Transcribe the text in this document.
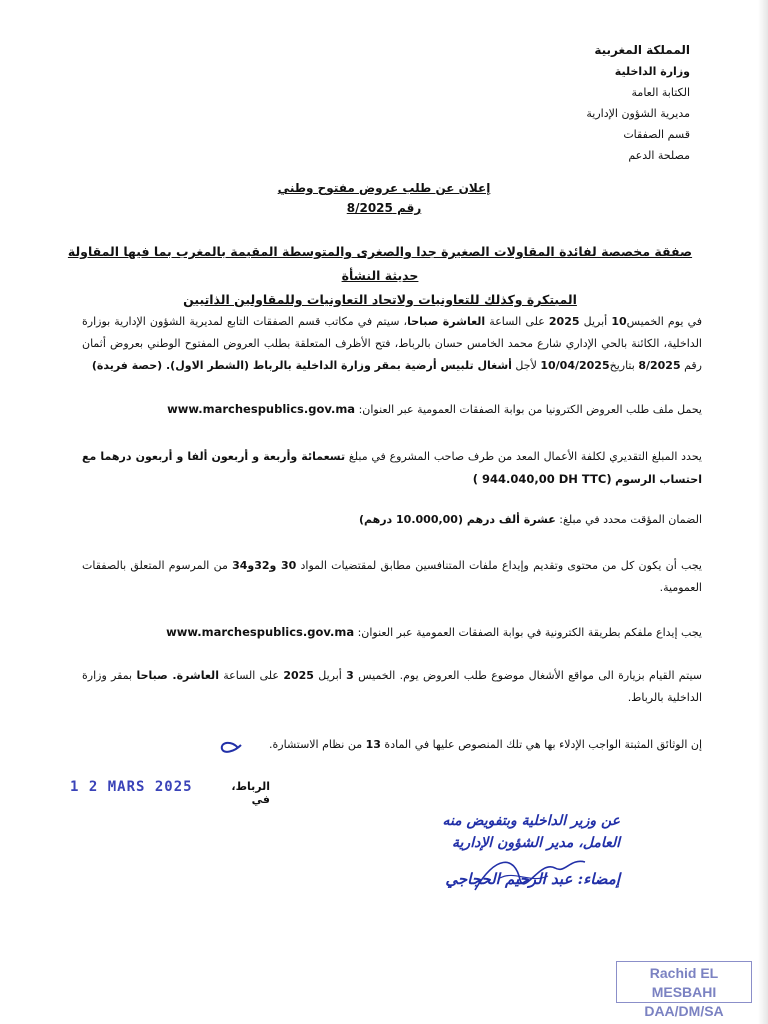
المملكة المغربية
وزارة الداخلية
الكتابة العامة
مديرية الشؤون الإدارية
قسم الصفقات
مصلحة الدعم
إعلان عن طلب عروض مفتوح وطني
رقم 8/2025
صفقة مخصصة لفائدة المقاولات الصغيرة جدا والصغرى والمتوسطة المقيمة بالمغرب بما فيها المقاولة حديثة النشأة
المبتكرة وكذلك للتعاونيات ولاتحاد التعاونيات وللمقاولين الذاتيين
في يوم الخميس10 أبريل 2025 على الساعة العاشرة صباحا، سيتم في مكاتب قسم الصفقات التابع لمديرية الشؤون الإدارية بوزارة الداخلية، الكائنة بالحي الإداري شارع محمد الخامس حسان بالرباط، فتح الأظرف المتعلقة بطلب العروض المفتوح الوطني بعروض أثمان رقم 8/2025 بتاريخ10/04/2025 لأجل أشغال تلبيس أرضية بمقر وزارة الداخلية بالرباط (الشطر الاول). (حصة فريدة)
يحمل ملف طلب العروض الكترونيا من بوابة الصفقات العمومية عبر العنوان: www.marchespublics.gov.ma
يحدد المبلغ التقديري لكلفة الأعمال المعد من طرف صاحب المشروع في مبلغ تسعمائة وأربعة و أربعون ألفا و أربعون درهما مع احتساب الرسوم ( 944.040,00 DH TTC)
الضمان المؤقت محدد في مبلغ: عشرة ألف درهم (10.000,00 درهم)
يجب أن يكون كل من محتوى وتقديم وإيداع ملفات المتنافسين مطابق لمقتضيات المواد 30 و32و34 من المرسوم المتعلق بالصفقات العمومية.
يجب إيداع ملفكم بطريقة الكترونية في بوابة الصفقات العمومية عبر العنوان: www.marchespublics.gov.ma
سيتم القيام بزيارة الى مواقع الأشغال موضوع طلب العروض يوم. الخميس 3 أبريل 2025 على الساعة العاشرة. صباحا بمقر وزارة الداخلية بالرباط.
إن الوثائق المثبتة الواجب الإدلاء بها هي تلك المنصوص عليها في المادة 13 من نظام الاستشارة.
1 2 MARS 2025	الرباط، في
عن وزير الداخلية وبتفويض منه
العامل، مدير الشؤون الإدارية
إمضاء: عبد الرحيم الحجاجي
Rachid EL MESBAHI
DAA/DM/SA
